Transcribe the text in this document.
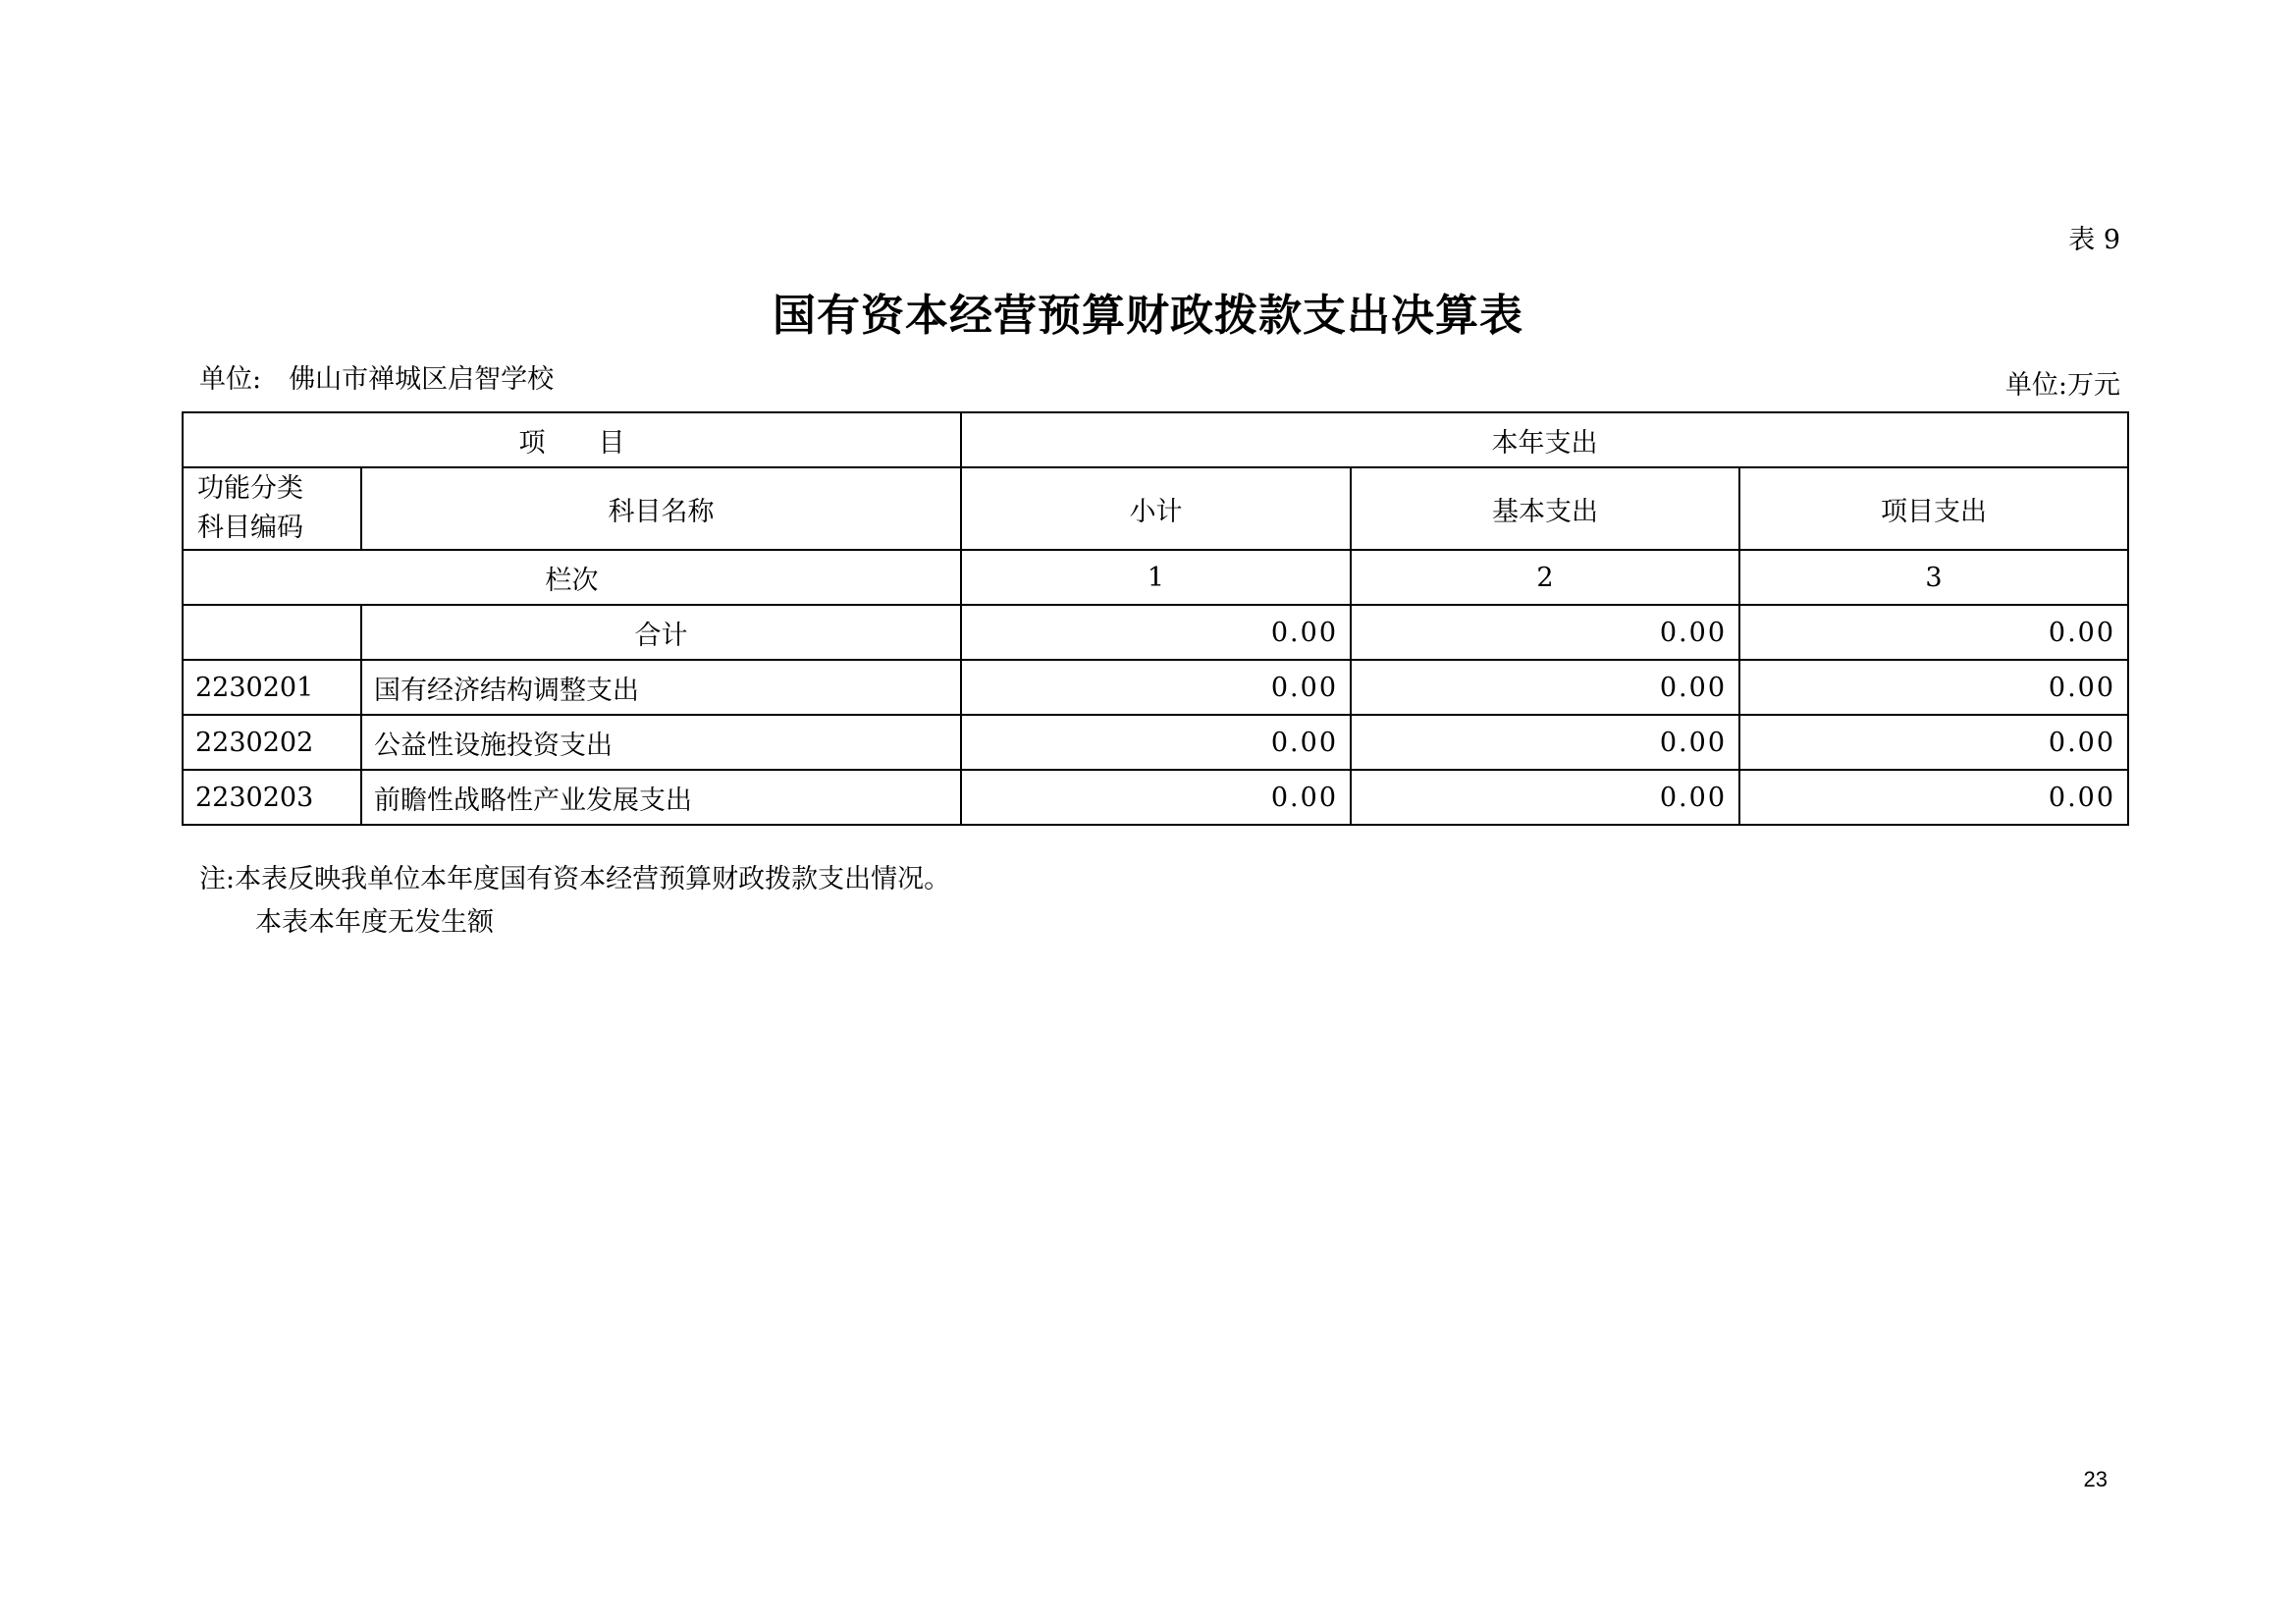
表 9
国有资本经营预算财政拨款支出决算表
单位: 佛山市禅城区启智学校	单位:万元
项　　目		本年支出		
功能分类
科目编码	科目名称	小计	基本支出	项目支出
栏次		1	2	3
	合计	0.00	0.00	0.00
2230201	国有经济结构调整支出	0.00	0.00	0.00
2230202	公益性设施投资支出	0.00	0.00	0.00
2230203	前瞻性战略性产业发展支出	0.00	0.00	0.00
注:本表反映我单位本年度国有资本经营预算财政拨款支出情况。
本表本年度无发生额
23
